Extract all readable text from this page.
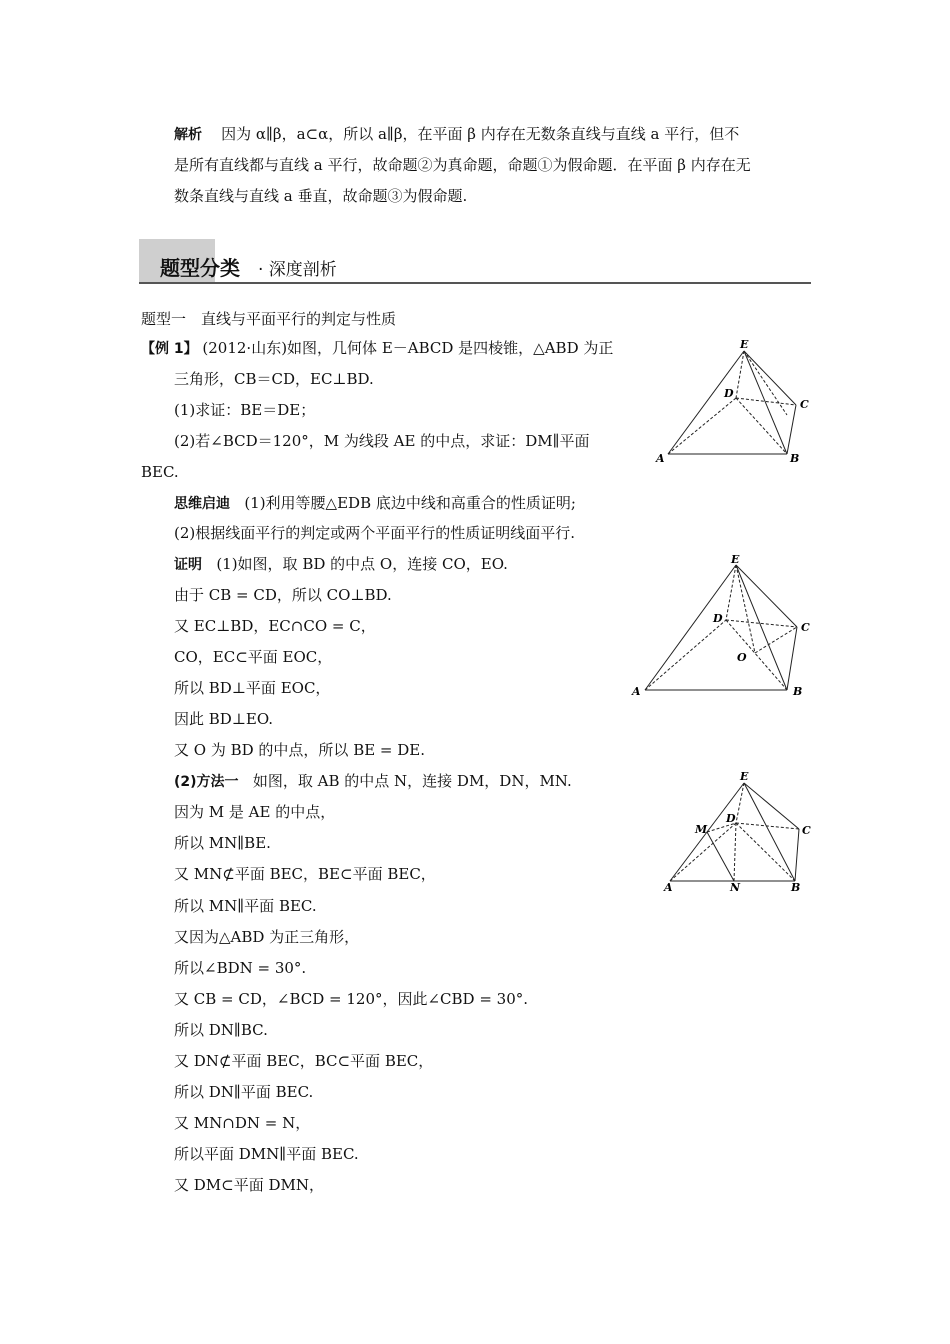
解析 因为 α∥β，a⊂α，所以 a∥β，在平面 β 内存在无数条直线与直线 a 平行，但不
是所有直线都与直线 a 平行，故命题②为真命题，命题①为假命题．在平面 β 内存在无
数条直线与直线 a 垂直，故命题③为假命题.
题型分类 · 深度剖析
题型一　直线与平面平行的判定与性质
【例 1】 (2012·山东)如图，几何体 E－ABCD 是四棱锥，△ABD 为正
三角形，CB＝CD，EC⊥BD.
(1)求证：BE＝DE；
(2)若∠BCD＝120°，M 为线段 AE 的中点，求证：DM∥平面
BEC.
思维启迪 (1)利用等腰△EDB 底边中线和高重合的性质证明;
(2)根据线面平行的判定或两个平面平行的性质证明线面平行.
证明 (1)如图，取 BD 的中点 O，连接 CO，EO.
由于 CB = CD，所以 CO⊥BD.
又 EC⊥BD，EC∩CO = C，
CO，EC⊂平面 EOC，
所以 BD⊥平面 EOC，
因此 BD⊥EO.
又 O 为 BD 的中点，所以 BE = DE.
(2)方法一 如图，取 AB 的中点 N，连接 DM，DN，MN.
因为 M 是 AE 的中点，
所以 MN∥BE.
又 MN⊄平面 BEC，BE⊂平面 BEC，
所以 MN∥平面 BEC.
又因为△ABD 为正三角形，
所以∠BDN = 30°.
又 CB = CD，∠BCD = 120°，因此∠CBD = 30°.
所以 DN∥BC.
又 DN⊄平面 BEC，BC⊂平面 BEC，
所以 DN∥平面 BEC.
又 MN∩DN = N，
所以平面 DMN∥平面 BEC.
又 DM⊂平面 DMN，
E
D
C
A	B
E
D
C
O
A	B
E
M
D
C
A	N	B
